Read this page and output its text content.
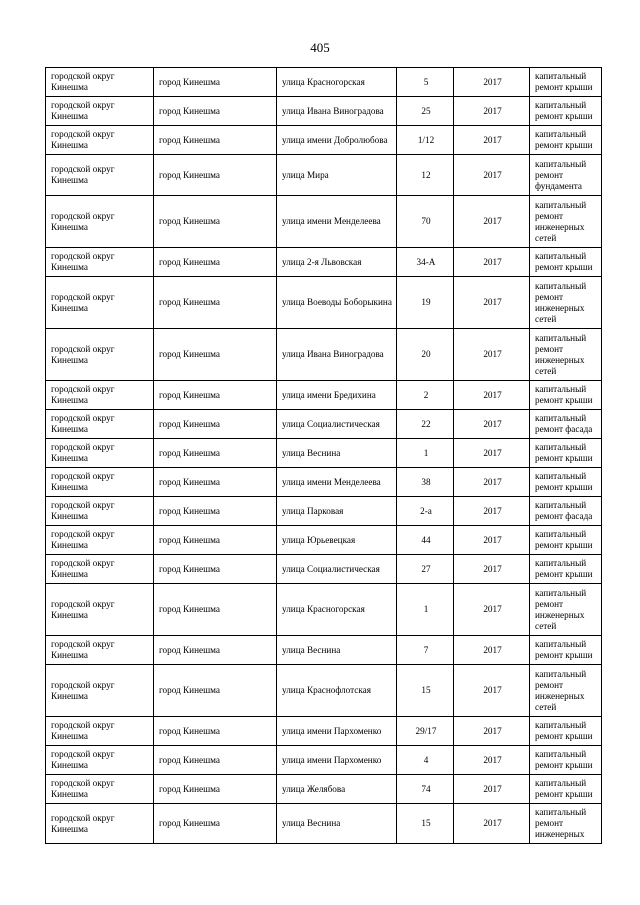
405
городской округ Кинешма	город Кинешма	улица Красногорская	5	2017	капитальный ремонт крыши
городской округ Кинешма	город Кинешма	улица Ивана Виноградова	25	2017	капитальный ремонт крыши
городской округ Кинешма	город Кинешма	улица имени Добролюбова	1/12	2017	капитальный ремонт крыши
городской округ Кинешма	город Кинешма	улица Мира	12	2017	капитальный ремонт фундамента
городской округ Кинешма	город Кинешма	улица имени Менделеева	70	2017	капитальный ремонт инженерных сетей
городской округ Кинешма	город Кинешма	улица 2-я Львовская	34-А	2017	капитальный ремонт крыши
городской округ Кинешма	город Кинешма	улица Воеводы Боборыкина	19	2017	капитальный ремонт инженерных сетей
городской округ Кинешма	город Кинешма	улица Ивана Виноградова	20	2017	капитальный ремонт инженерных сетей
городской округ Кинешма	город Кинешма	улица имени Бредихина	2	2017	капитальный ремонт крыши
городской округ Кинешма	город Кинешма	улица Социалистическая	22	2017	капитальный ремонт фасада
городской округ Кинешма	город Кинешма	улица Веснина	1	2017	капитальный ремонт крыши
городской округ Кинешма	город Кинешма	улица имени Менделеева	38	2017	капитальный ремонт крыши
городской округ Кинешма	город Кинешма	улица Парковая	2-а	2017	капитальный ремонт фасада
городской округ Кинешма	город Кинешма	улица Юрьевецкая	44	2017	капитальный ремонт крыши
городской округ Кинешма	город Кинешма	улица Социалистическая	27	2017	капитальный ремонт крыши
городской округ Кинешма	город Кинешма	улица Красногорская	1	2017	капитальный ремонт инженерных сетей
городской округ Кинешма	город Кинешма	улица Веснина	7	2017	капитальный ремонт крыши
городской округ Кинешма	город Кинешма	улица Краснофлотская	15	2017	капитальный ремонт инженерных сетей
городской округ Кинешма	город Кинешма	улица имени Пархоменко	29/17	2017	капитальный ремонт крыши
городской округ Кинешма	город Кинешма	улица имени Пархоменко	4	2017	капитальный ремонт крыши
городской округ Кинешма	город Кинешма	улица Желябова	74	2017	капитальный ремонт крыши
городской округ Кинешма	город Кинешма	улица Веснина	15	2017	капитальный ремонт инженерных
